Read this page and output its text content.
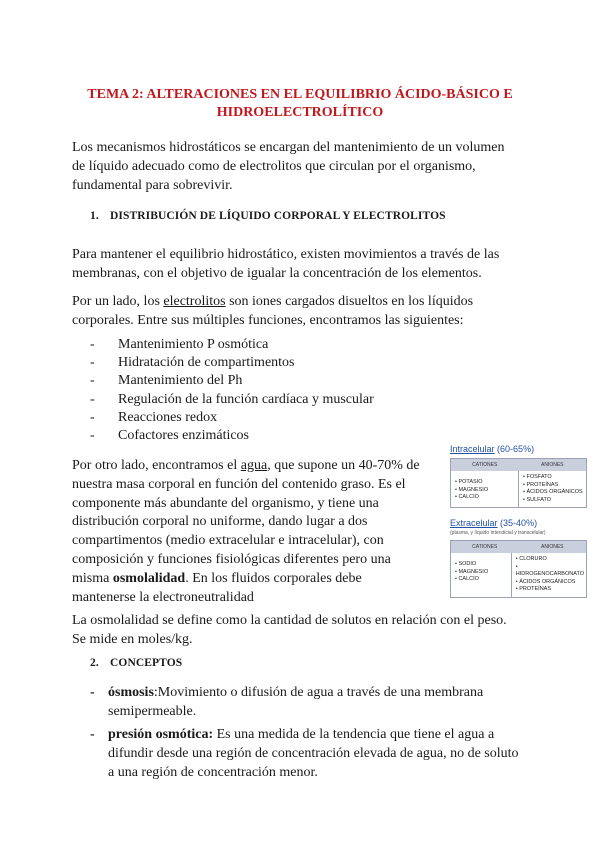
TEMA 2: ALTERACIONES EN EL EQUILIBRIO ÁCIDO-BÁSICO E
HIDROELECTROLÍTICO

Los mecanismos hidrostáticos se encargan del mantenimiento de un volumen
de líquido adecuado como de electrolitos que circulan por el organismo,
fundamental para sobrevivir.

1. DISTRIBUCIÓN DE LÍQUIDO CORPORAL Y ELECTROLITOS

Para mantener el equilibrio hidrostático, existen movimientos a través de las
membranas, con el objetivo de igualar la concentración de los elementos.

Por un lado, los electrolitos son iones cargados disueltos en los líquidos
corporales. Entre sus múltiples funciones, encontramos las siguientes:

- Mantenimiento P osmótica
- Hidratación de compartimentos
- Mantenimiento del Ph
- Regulación de la función cardíaca y muscular
- Reacciones redox
- Cofactores enzimáticos

Por otro lado, encontramos el agua, que supone un 40-70% de
nuestra masa corporal en función del contenido graso. Es el
componente más abundante del organismo, y tiene una
distribución corporal no uniforme, dando lugar a dos
compartimentos (medio extracelular e intracelular), con
composición y funciones fisiológicas diferentes pero una
misma osmolalidad. En los fluidos corporales debe
mantenerse la electroneutralidad

Intracelular (60-65%)
CATIONES	ANIONES
• POTASIO
• MAGNESIO
• CALCIO
• FOSFATO
• PROTEÍNAS
• ÁCIDOS ORGÁNICOS
• SULFATO
Extracelular (35-40%)
(plasma, y líquido intersticial y transcelular)
CATIONES	ANIONES
• SODIO
• MAGNESIO
• CALCIO
• CLORURO
• HIDROGENOCARBONATO
• ÁCIDOS ORGÁNICOS
• PROTEÍNAS

La osmolalidad se define como la cantidad de solutos en relación con el peso.
Se mide en moles/kg.

2. CONCEPTOS
- ósmosis:Movimiento o difusión de agua a través de una membrana semipermeable.
- presión osmótica: Es una medida de la tendencia que tiene el agua a difundir desde una región de concentración elevada de agua, no de soluto a una región de concentración menor.
